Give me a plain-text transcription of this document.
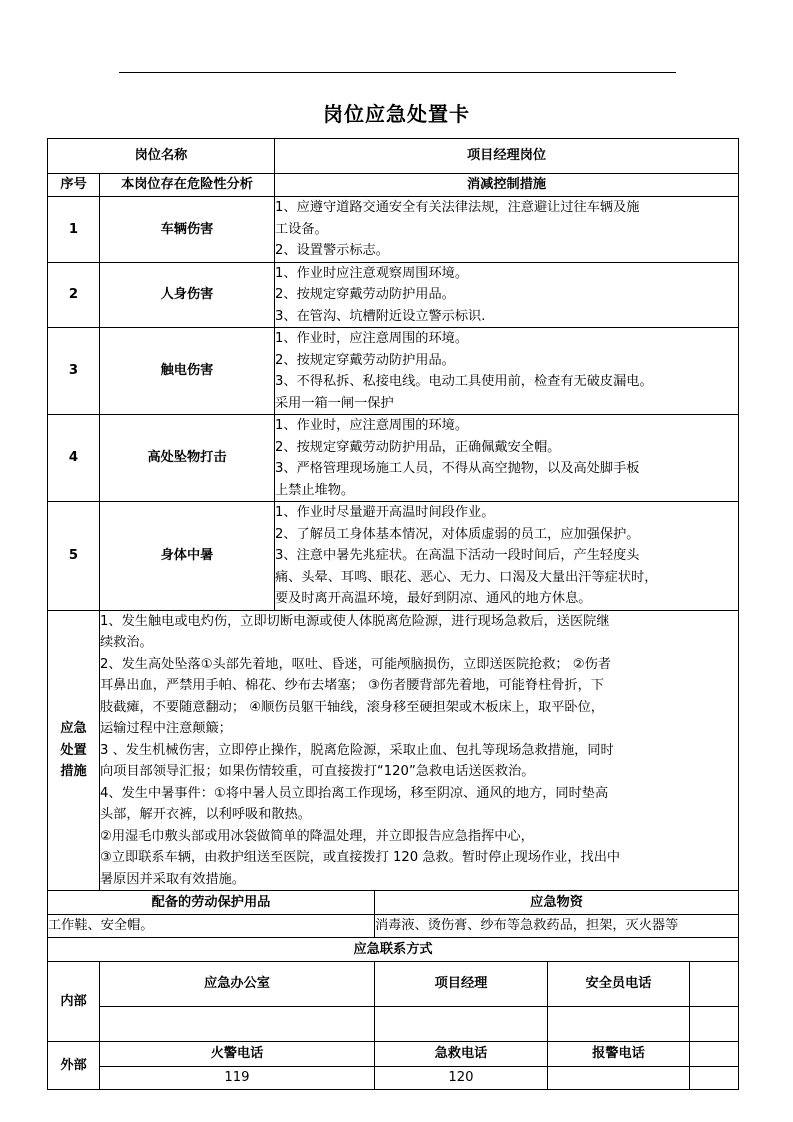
岗位应急处置卡
岗位名称		项目经理岗位			
序号	本岗位存在危险性分析	消减控制措施			
1	车辆伤害	1、应遵守道路交通安全有关法律法规，注意避让过往车辆及施
工设备。
2、设置警示标志。			

2	人身伤害	1、作业时应注意观察周围环境。
2、按规定穿戴劳动防护用品。
3、在管沟、坑槽附近设立警示标识.			

3	触电伤害	1、作业时，应注意周围的环境。
2、按规定穿戴劳动防护用品。
3、不得私拆、私接电线。电动工具使用前，检查有无破皮漏电。
采用一箱一闸一保护			

4	高处坠物打击	1、作业时，应注意周围的环境。
2、按规定穿戴劳动防护用品，正确佩戴安全帽。
3、严格管理现场施工人员，不得从高空抛物，以及高处脚手板
上禁止堆物。			

5	身体中暑	1、作业时尽量避开高温时间段作业。
2、了解员工身体基本情况，对体质虚弱的员工，应加强保护。
3、注意中暑先兆症状。在高温下活动一段时间后，产生轻度头
痛、头晕、耳鸣、眼花、恶心、无力、口渴及大量出汗等症状时，
要及时离开高温环境，最好到阴凉、通风的地方休息。			

应急
处置
措施

1、发生触电或电灼伤，立即切断电源或使人体脱离危险源，进行现场急救后，送医院继
续救治。
2、发生高处坠落①头部先着地，呕吐、昏迷，可能颅脑损伤，立即送医院抢救； ②伤者
耳鼻出血，严禁用手帕、棉花、纱布去堵塞； ③伤者腰背部先着地，可能脊柱骨折，下
肢截瘫，不要随意翻动； ④顺伤员躯干轴线，滚身移至硬担架或木板床上，取平卧位，
运输过程中注意颠簸；
3 、发生机械伤害，立即停止操作，脱离危险源，采取止血、包扎等现场急救措施，同时
向项目部领导汇报；如果伤情较重，可直接拨打“120”急救电话送医救治。
4、发生中暑事件：①将中暑人员立即抬离工作现场，移至阴凉、通风的地方，同时垫高
头部，解开衣裤，以利呼吸和散热。
②用湿毛巾敷头部或用冰袋做简单的降温处理，并立即报告应急指挥中心，
③立即联系车辆，由救护组送至医院，或直接拨打 120 急救。暂时停止现场作业，找出中
暑原因并采取有效措施。

配备的劳动保护用品			应急物资		
工作鞋、安全帽。			消毒液、烫伤膏、纱布等急救药品，担架，灭火器等		
应急联系方式					
内部	应急办公室		项目经理	安全员电话	

外部	火警电话		急救电话	报警电话	
	119		120		
